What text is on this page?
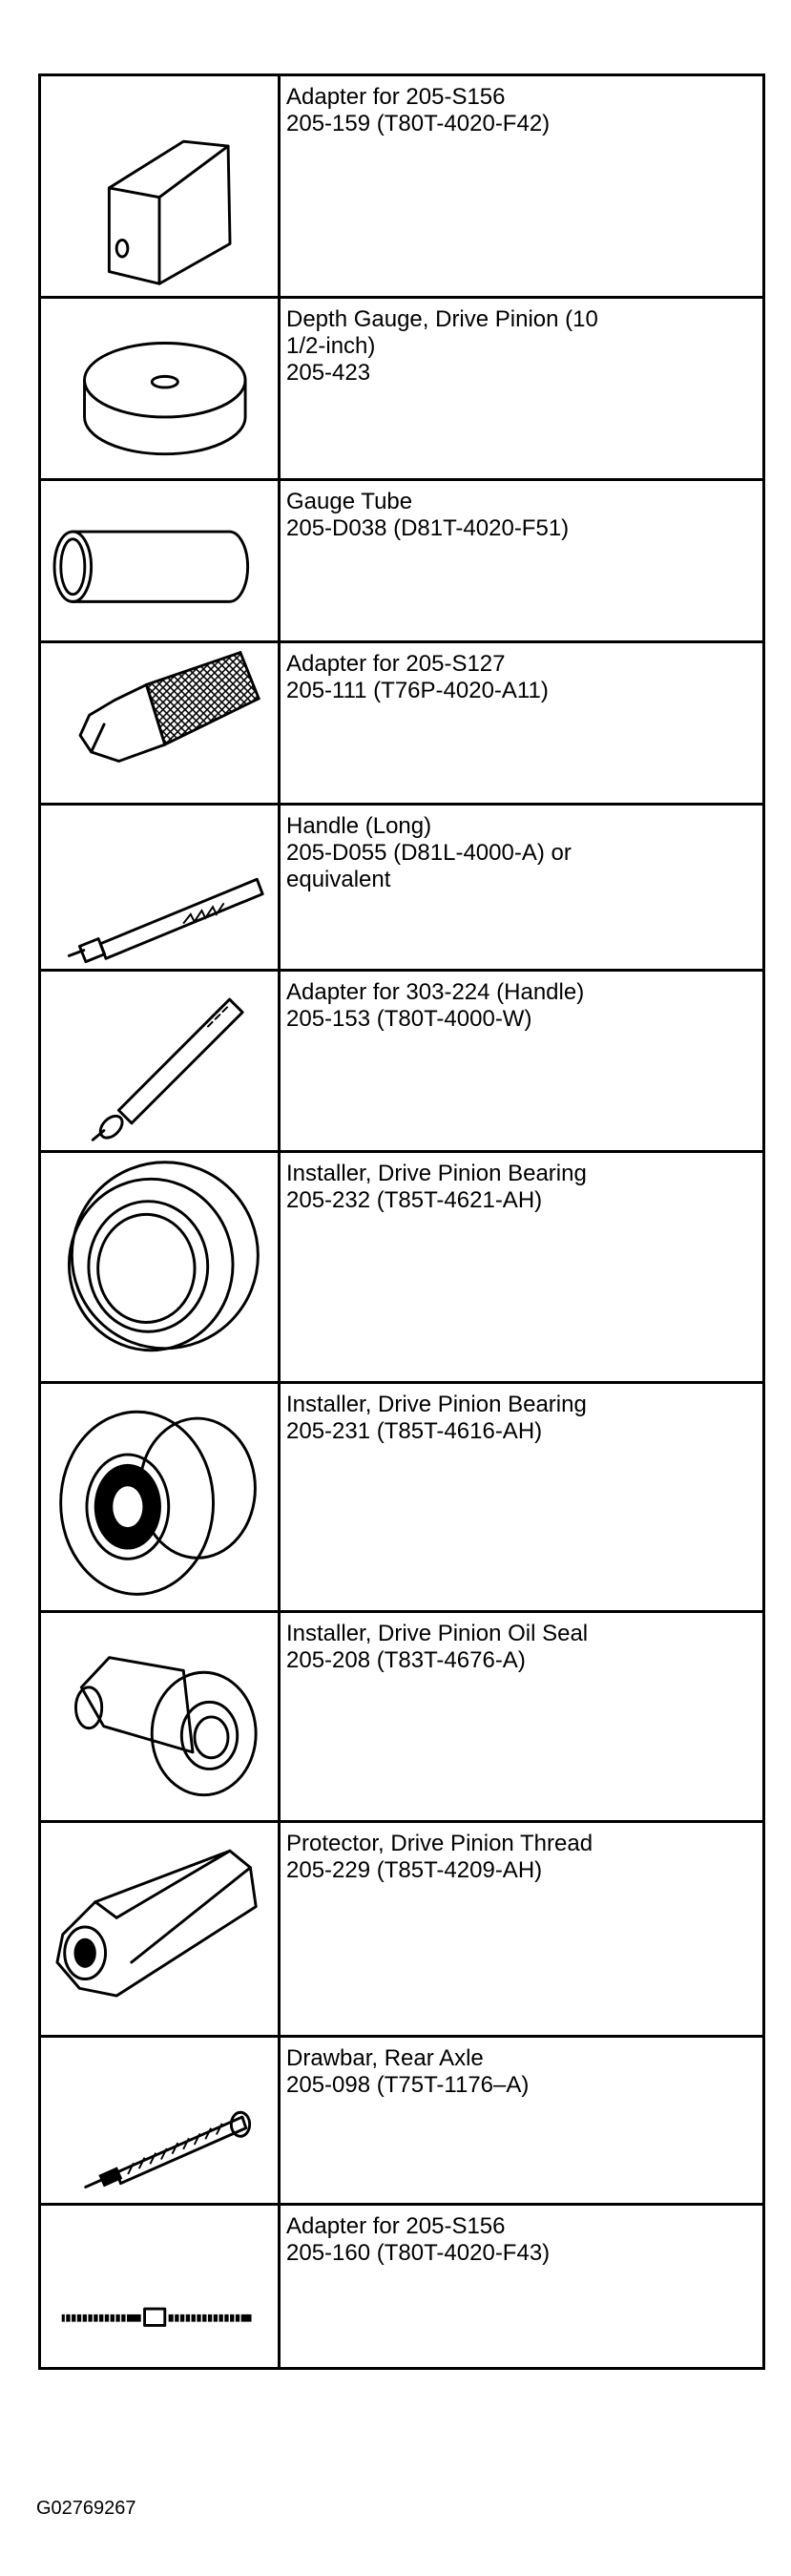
Adapter for 205-S156
205-159 (T80T-4020-F42)

Depth Gauge, Drive Pinion (10
1/2-inch)
205-423

Gauge Tube
205-D038 (D81T-4020-F51)

Adapter for 205-S127
205-111 (T76P-4020-A11)

Handle (Long)
205-D055 (D81L-4000-A) or
equivalent

Adapter for 303-224 (Handle)
205-153 (T80T-4000-W)

Installer, Drive Pinion Bearing
205-232 (T85T-4621-AH)

Installer, Drive Pinion Bearing
205-231 (T85T-4616-AH)

Installer, Drive Pinion Oil Seal
205-208 (T83T-4676-A)

Protector, Drive Pinion Thread
205-229 (T85T-4209-AH)

Drawbar, Rear Axle
205-098 (T75T-1176–A)

Adapter for 205-S156
205-160 (T80T-4020-F43)
G02769267
